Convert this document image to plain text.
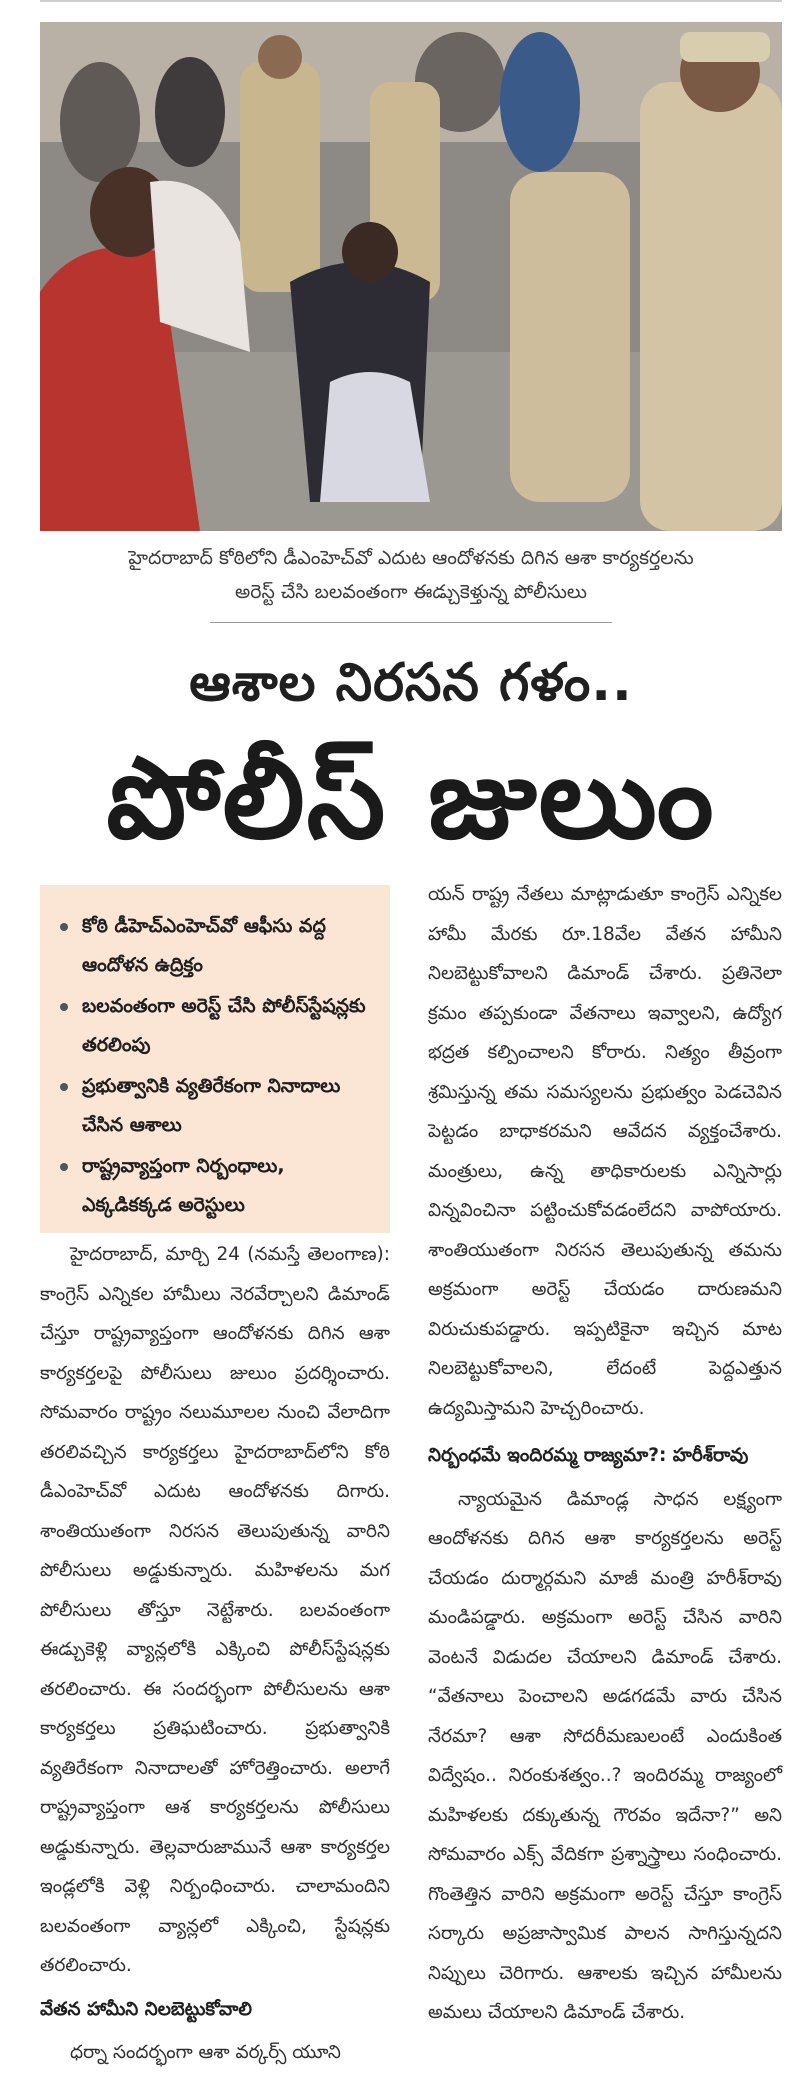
హైదరాబాద్ కోఠిలోని డీఎంహెచ్‌వో ఎదుట ఆందోళనకు దిగిన ఆశా కార్యకర్తలను
అరెస్ట్ చేసి బలవంతంగా ఈడ్చుకెళ్తున్న పోలీసులు
ఆశాల నిరసన గళం..
పోలీస్ జులుం
కోఠి డీహెచ్ఎంహెచ్‌వో ఆఫీసు వద్ద ఆందోళన ఉద్రిక్తం
బలవంతంగా అరెస్ట్ చేసి పోలీస్‌స్టేషన్లకు తరలింపు
ప్రభుత్వానికి వ్యతిరేకంగా నినాదాలు చేసిన ఆశాలు
రాష్ట్రవ్యాప్తంగా నిర్బంధాలు, ఎక్కడికక్కడ అరెస్టులు

హైదరాబాద్, మార్చి 24 (నమస్తే తెలంగాణ): కాంగ్రెస్ ఎన్నికల హామీలు నెరవేర్చాలని డిమాండ్ చేస్తూ రాష్ట్రవ్యాప్తంగా ఆందోళనకు దిగిన ఆశా కార్యకర్తలపై పోలీసులు జులుం ప్రదర్శించారు. సోమవారం రాష్ట్రం నలుమూలల నుంచి వేలాదిగా తరలివచ్చిన కార్యకర్తలు హైదరాబాద్‌లోని కోఠి డీఎంహెచ్‌వో ఎదుట ఆందోళనకు దిగారు. శాంతియుతంగా నిరసన తెలుపుతున్న వారిని పోలీసులు అడ్డుకున్నారు. మహిళలను మగ పోలీసులు తోస్తూ నెట్టేశారు. బలవంతంగా ఈడ్చుకెళ్లి వ్యాన్లలోకి ఎక్కించి పోలీస్‌స్టేషన్లకు తరలించారు. ఈ సందర్భంగా పోలీసులను ఆశా కార్యకర్తలు ప్రతిఘటించారు. ప్రభుత్వానికి వ్యతిరేకంగా నినాదాలతో హోరెత్తించారు. అలాగే రాష్ట్రవ్యాప్తంగా ఆశ కార్యకర్తలను పోలీసులు అడ్డుకున్నారు. తెల్లవారుజామునే ఆశా కార్యకర్తల ఇండ్లలోకి వెళ్లి నిర్బంధించారు. చాలామందిని బలవంతంగా వ్యాన్లలో ఎక్కించి, స్టేషన్లకు తరలించారు.

వేతన హామీని నిలబెట్టుకోవాలి

ధర్నా సందర్భంగా ఆశా వర్కర్స్ యూని

యన్ రాష్ట్ర నేతలు మాట్లాడుతూ కాంగ్రెస్ ఎన్నికల హామీ మేరకు రూ.18వేల వేతన హామీని నిలబెట్టుకోవాలని డిమాండ్ చేశారు. ప్రతినెలా క్రమం తప్పకుండా వేతనాలు ఇవ్వాలని, ఉద్యోగ భద్రత కల్పించాలని కోరారు. నిత్యం తీవ్రంగా శ్రమిస్తున్న తమ సమస్యలను ప్రభుత్వం పెడచెవిన పెట్టడం బాధాకరమని ఆవేదన వ్యక్తంచేశారు. మంత్రులు, ఉన్న తాధికారులకు ఎన్నిసార్లు విన్నవించినా పట్టించుకోవడంలేదని వాపోయారు. శాంతియుతంగా నిరసన తెలుపుతున్న తమను అక్రమంగా అరెస్ట్ చేయడం దారుణమని విరుచుకుపడ్డారు. ఇప్పటికైనా ఇచ్చిన మాట నిలబెట్టుకోవాలని, లేదంటే పెద్దఎత్తున ఉద్యమిస్తామని హెచ్చరించారు.

నిర్బంధమే ఇందిరమ్మ రాజ్యమా?: హరీశ్‌రావు

న్యాయమైన డిమాండ్ల సాధన లక్ష్యంగా ఆందోళనకు దిగిన ఆశా కార్యకర్తలను అరెస్ట్ చేయడం దుర్మార్గమని మాజీ మంత్రి హరీశ్‌రావు మండిపడ్డారు. అక్రమంగా అరెస్ట్ చేసిన వారిని వెంటనే విడుదల చేయాలని డిమాండ్ చేశారు. “వేతనాలు పెంచాలని అడగడమే వారు చేసిన నేరమా? ఆశా సోదరీమణులంటే ఎందుకింత విద్వేషం.. నిరంకుశత్వం..? ఇందిరమ్మ రాజ్యంలో మహిళలకు దక్కుతున్న గౌరవం ఇదేనా?” అని సోమవారం ఎక్స్ వేదికగా ప్రశ్నాస్త్రాలు సంధించారు. గొంతెత్తిన వారిని అక్రమంగా అరెస్ట్ చేస్తూ కాంగ్రెస్ సర్కారు అప్రజాస్వామిక పాలన సాగిస్తున్నదని నిప్పులు చెరిగారు. ఆశాలకు ఇచ్చిన హామీలను అమలు చేయాలని డిమాండ్ చేశారు.
